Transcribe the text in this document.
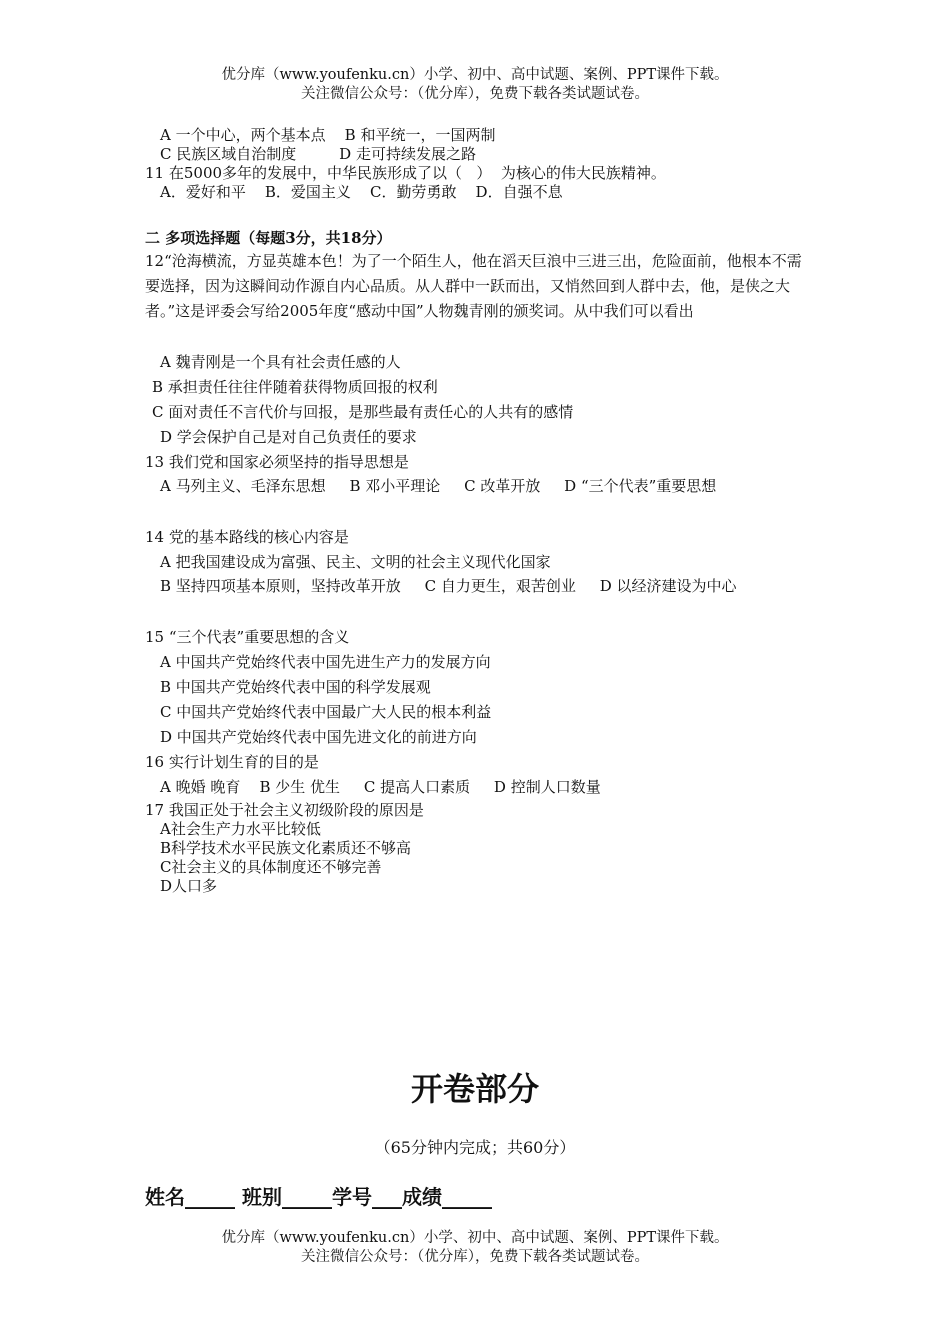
优分库（www.youfenku.cn）小学、初中、高中试题、案例、PPT课件下载。
关注微信公众号：（优分库），免费下载各类试题试卷。
A 一个中心，两个基本点    B 和平统一，一国两制
C 民族区域自治制度         D 走可持续发展之路
11 在5000多年的发展中，中华民族形成了以（   ）  为核心的伟大民族精神。
A．爱好和平    B．爱国主义    C．勤劳勇敢    D．自强不息
二 多项选择题（每题3分，共18分）
12“沧海横流，方显英雄本色！为了一个陌生人，他在滔天巨浪中三进三出，危险面前，他根本不需要选择，因为这瞬间动作源自内心品质。从人群中一跃而出，又悄然回到人群中去，他，是侠之大者。”这是评委会写给2005年度“感动中国”人物魏青刚的颁奖词。从中我们可以看出
A 魏青刚是一个具有社会责任感的人
B 承担责任往往伴随着获得物质回报的权利
C 面对责任不言代价与回报，是那些最有责任心的人共有的感情
D 学会保护自己是对自己负责任的要求
13 我们党和国家必须坚持的指导思想是
A 马列主义、毛泽东思想     B 邓小平理论     C 改革开放     D “三个代表”重要思想
14 党的基本路线的核心内容是
A 把我国建设成为富强、民主、文明的社会主义现代化国家
B 坚持四项基本原则，坚持改革开放     C 自力更生，艰苦创业     D 以经济建设为中心
15 “三个代表”重要思想的含义
A 中国共产党始终代表中国先进生产力的发展方向
B 中国共产党始终代表中国的科学发展观
C 中国共产党始终代表中国最广大人民的根本利益
D 中国共产党始终代表中国先进文化的前进方向
16 实行计划生育的目的是
A 晚婚 晚育    B 少生 优生     C 提高人口素质     D 控制人口数量
17 我国正处于社会主义初级阶段的原因是
A社会生产力水平比较低
B科学技术水平民族文化素质还不够高
C社会主义的具体制度还不够完善
D人口多
开卷部分
（65分钟内完成；共60分）
姓名_____ 班别_____学号___成绩_____
优分库（www.youfenku.cn）小学、初中、高中试题、案例、PPT课件下载。
关注微信公众号：（优分库），免费下载各类试题试卷。
